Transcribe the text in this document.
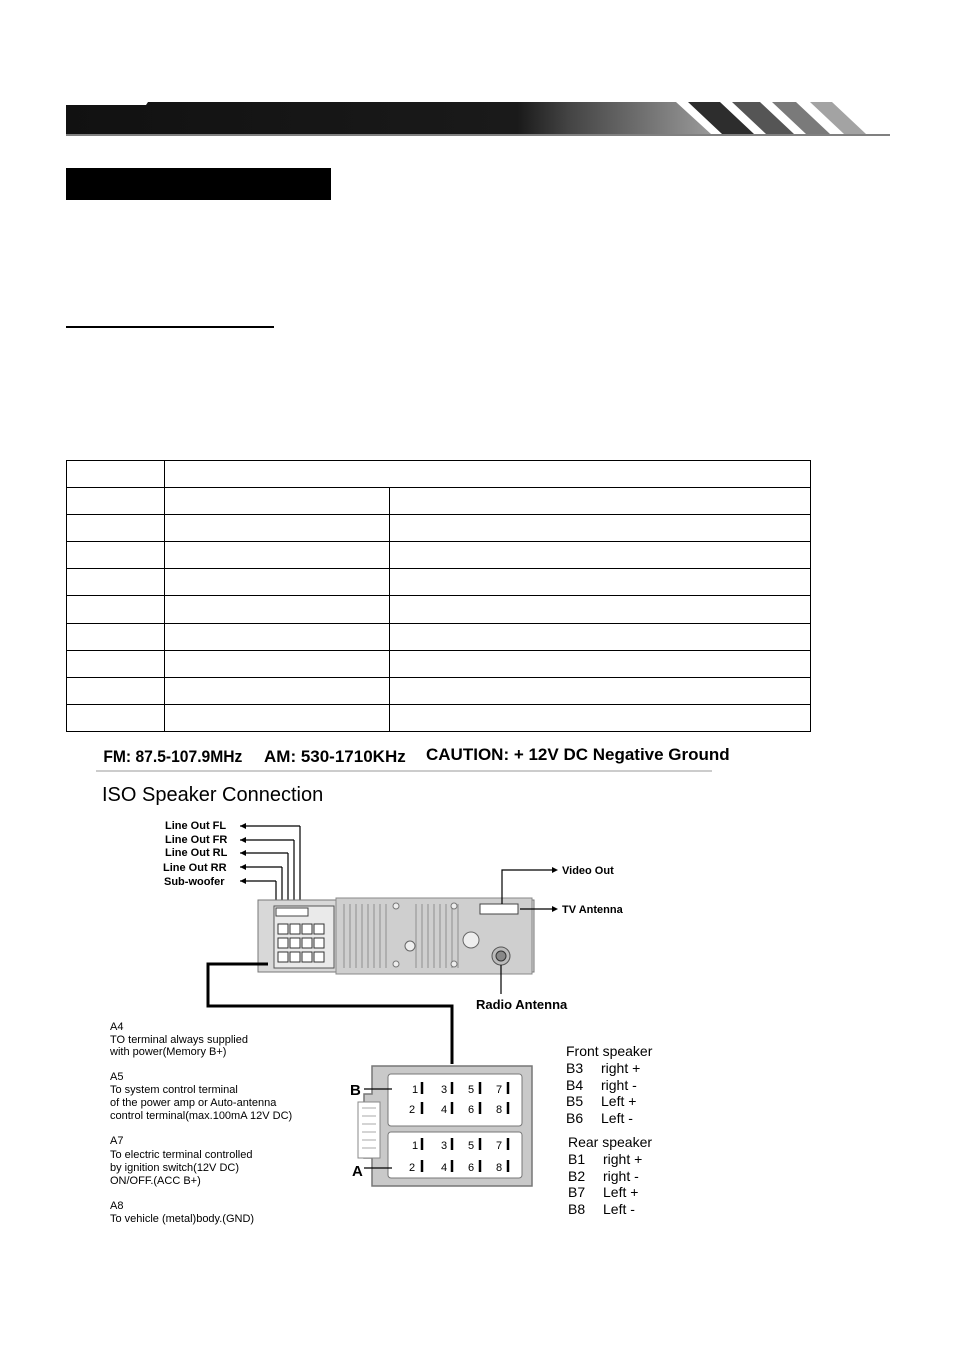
FM: 87.5-107.9MHz AM: 530-1710KHz CAUTION: + 12V DC Negative Ground
ISO Speaker Connection
Line Out FL
Line Out FR
Line Out RL
Line Out RR
Sub-woofer
Video Out
TV Antenna
Radio Antenna
A4
TO terminal always supplied
with power(Memory B+)
A5
To system control terminal
of the power amp or Auto-antenna
control terminal(max.100mA 12V DC)
A7
To electric terminal controlled
by ignition switch(12V DC)
ON/OFF.(ACC B+)
A8
To vehicle (metal)body.(GND)
1 3 5 7
2 4 6 8
1 3 5 7
2 4 6 8
B
A
Front speaker
B3 right +
B4 right -
B5 Left +
B6 Left -
Rear speaker
B1 right +
B2 right -
B7 Left +
B8 Left -
